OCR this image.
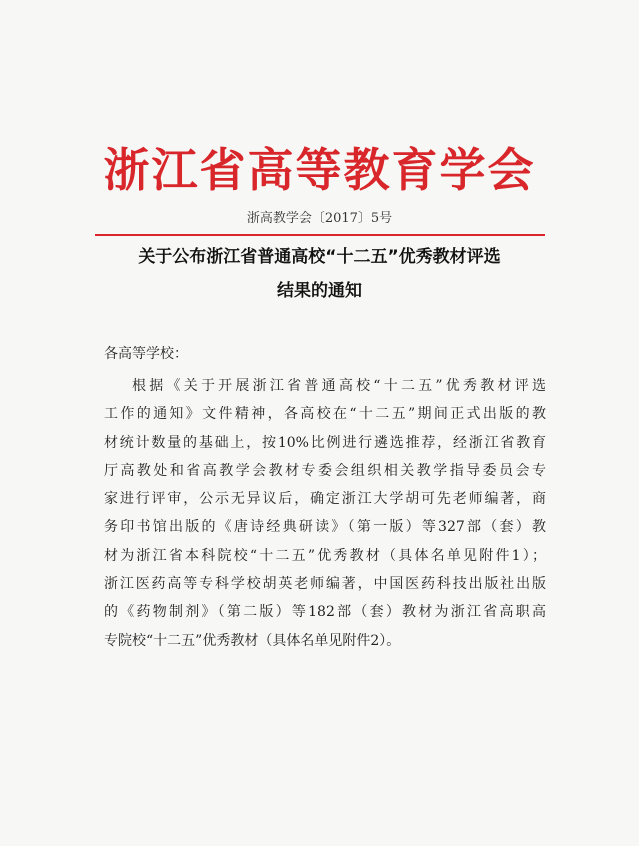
浙江省高等教育学会
浙高教学会〔2017〕5号
关于公布浙江省普通高校“十二五”优秀教材评选
结果的通知
各高等学校：
根据《关于开展浙江省普通高校“十二五”优秀教材评选
工作的通知》文件精神，各高校在“十二五”期间正式出版的教
材统计数量的基础上，按10%比例进行遴选推荐，经浙江省教育
厅高教处和省高教学会教材专委会组织相关教学指导委员会专
家进行评审，公示无异议后，确定浙江大学胡可先老师编著，商
务印书馆出版的《唐诗经典研读》（第一版）等327部（套）教
材为浙江省本科院校“十二五”优秀教材（具体名单见附件1）；
浙江医药高等专科学校胡英老师编著，中国医药科技出版社出版
的《药物制剂》（第二版）等182部（套）教材为浙江省高职高
专院校“十二五”优秀教材（具体名单见附件2）。
